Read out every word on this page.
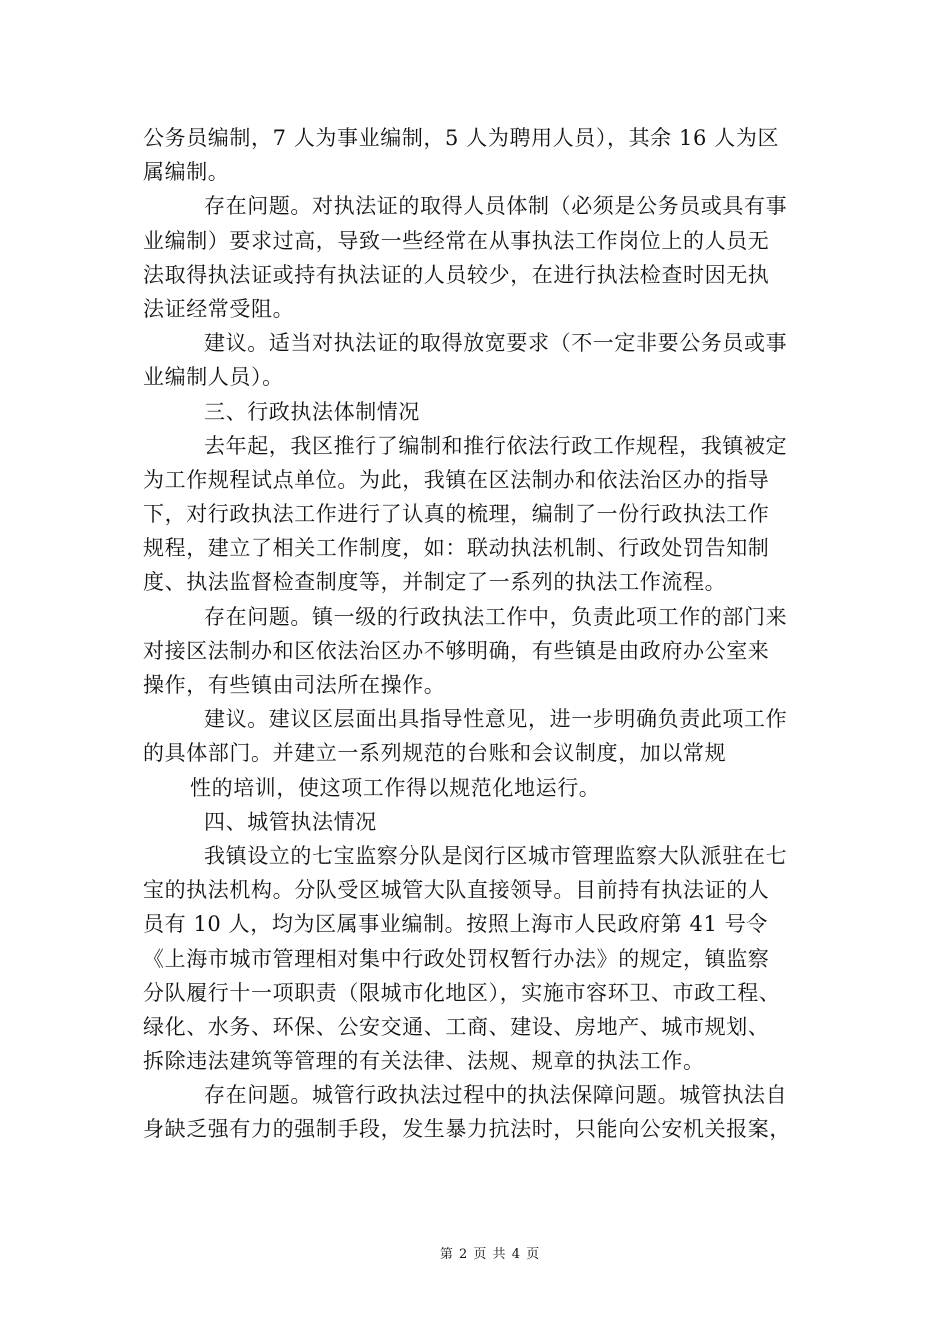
公务员编制，7 人为事业编制，5 人为聘用人员），其余 16 人为区
属编制。
存在问题。对执法证的取得人员体制（必须是公务员或具有事
业编制）要求过高，导致一些经常在从事执法工作岗位上的人员无
法取得执法证或持有执法证的人员较少，在进行执法检查时因无执
法证经常受阻。
建议。适当对执法证的取得放宽要求（不一定非要公务员或事
业编制人员）。
三、行政执法体制情况
去年起，我区推行了编制和推行依法行政工作规程，我镇被定
为工作规程试点单位。为此，我镇在区法制办和依法治区办的指导
下，对行政执法工作进行了认真的梳理，编制了一份行政执法工作
规程，建立了相关工作制度，如：联动执法机制、行政处罚告知制
度、执法监督检查制度等，并制定了一系列的执法工作流程。
存在问题。镇一级的行政执法工作中，负责此项工作的部门来
对接区法制办和区依法治区办不够明确，有些镇是由政府办公室来
操作，有些镇由司法所在操作。
建议。建议区层面出具指导性意见，进一步明确负责此项工作
的具体部门。并建立一系列规范的台账和会议制度，加以常规
性的培训，使这项工作得以规范化地运行。
四、城管执法情况
我镇设立的七宝监察分队是闵行区城市管理监察大队派驻在七
宝的执法机构。分队受区城管大队直接领导。目前持有执法证的人
员有 10 人，均为区属事业编制。按照上海市人民政府第 41 号令
《上海市城市管理相对集中行政处罚权暂行办法》的规定，镇监察
分队履行十一项职责（限城市化地区），实施市容环卫、市政工程、
绿化、水务、环保、公安交通、工商、建设、房地产、城市规划、
拆除违法建筑等管理的有关法律、法规、规章的执法工作。
存在问题。城管行政执法过程中的执法保障问题。城管执法自
身缺乏强有力的强制手段，发生暴力抗法时，只能向公安机关报案，
第 2 页 共 4 页
